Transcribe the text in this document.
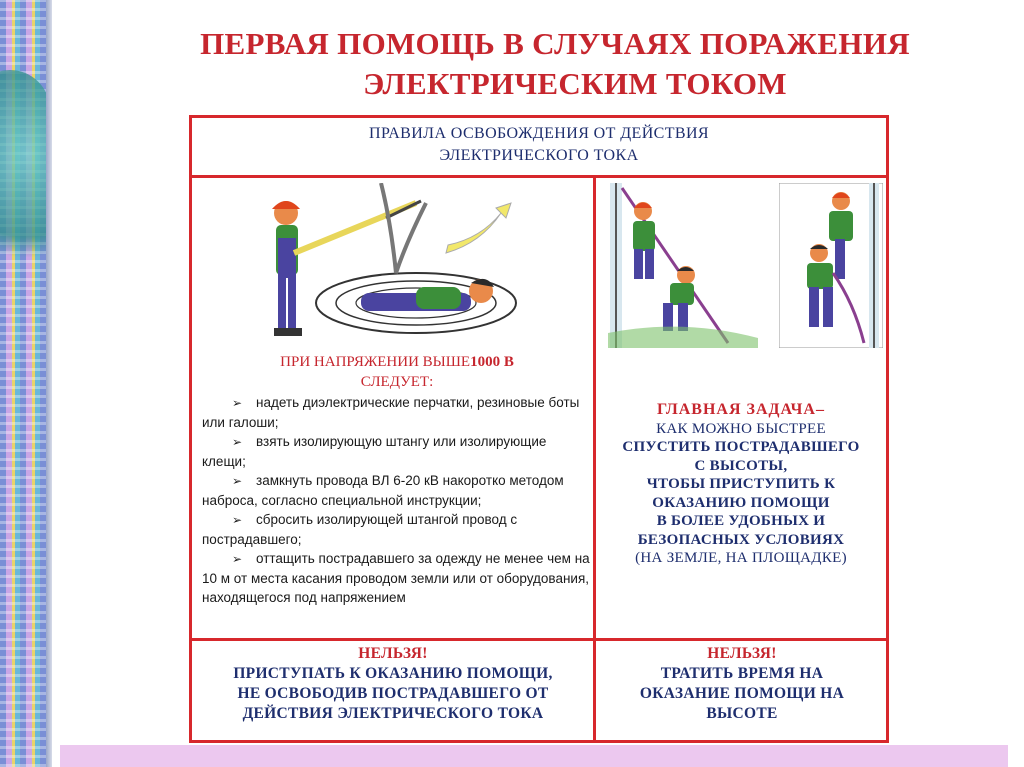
ПЕРВАЯ ПОМОЩЬ В СЛУЧАЯХ ПОРАЖЕНИЯ

ЭЛЕКТРИЧЕСКИМ ТОКОМ
ПРАВИЛА ОСВОБОЖДЕНИЯ ОТ ДЕЙСТВИЯ
ЭЛЕКТРИЧЕСКОГО ТОКА
ПРИ НАПРЯЖЕНИИ ВЫШЕ1000 В
СЛЕДУЕТ:
➢надеть диэлектрические перчатки, резиновые боты или галоши;
➢взять изолирующую штангу или изолирующие клещи;
➢замкнуть провода ВЛ 6-20 кВ накоротко методом наброса, согласно специальной инструкции;
➢сбросить изолирующей штангой провод с пострадавшего;
➢оттащить пострадавшего за одежду не менее чем на 10 м от места касания проводом земли или от оборудования, находящегося под напряжением
ГЛАВНАЯ ЗАДАЧА–
КАК МОЖНО БЫСТРЕЕ
СПУСТИТЬ ПОСТРАДАВШЕГО
С ВЫСОТЫ,
ЧТОБЫ ПРИСТУПИТЬ К
ОКАЗАНИЮ ПОМОЩИ
В БОЛЕЕ УДОБНЫХ И
БЕЗОПАСНЫХ УСЛОВИЯХ
(НА ЗЕМЛЕ, НА ПЛОЩАДКЕ)
НЕЛЬЗЯ!
ПРИСТУПАТЬ К ОКАЗАНИЮ ПОМОЩИ,
НЕ ОСВОБОДИВ ПОСТРАДАВШЕГО ОТ
ДЕЙСТВИЯ ЭЛЕКТРИЧЕСКОГО ТОКА
НЕЛЬЗЯ!
ТРАТИТЬ ВРЕМЯ НА
ОКАЗАНИЕ ПОМОЩИ НА
ВЫСОТЕ
